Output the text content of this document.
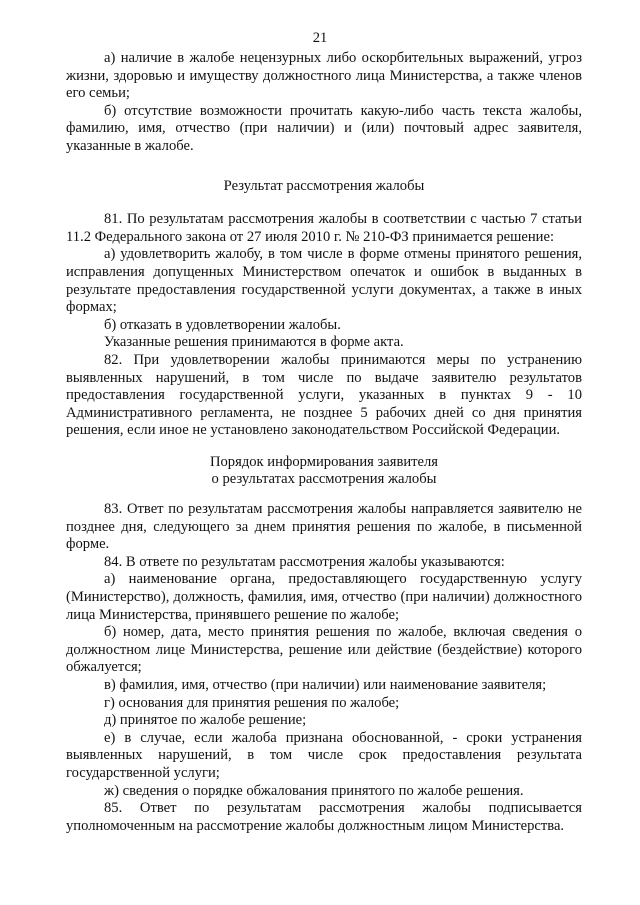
21

а) наличие в жалобе нецензурных либо оскорбительных выражений, угроз жизни, здоровью и имуществу должностного лица Министерства, а также членов его семьи;

б) отсутствие возможности прочитать какую-либо часть текста жалобы, фамилию, имя, отчество (при наличии) и (или) почтовый адрес заявителя, указанные в жалобе.

Результат рассмотрения жалобы

81. По результатам рассмотрения жалобы в соответствии с частью 7 статьи 11.2 Федерального закона от 27 июля 2010 г. № 210-ФЗ принимается решение:

а) удовлетворить жалобу, в том числе в форме отмены принятого решения, исправления допущенных Министерством опечаток и ошибок в выданных в результате предоставления государственной услуги документах, а также в иных формах;

б) отказать в удовлетворении жалобы.

Указанные решения принимаются в форме акта.

82. При удовлетворении жалобы принимаются меры по устранению выявленных нарушений, в том числе по выдаче заявителю результатов предоставления государственной услуги, указанных в пунктах 9 - 10 Административного регламента, не позднее 5 рабочих дней со дня принятия решения, если иное не установлено законодательством Российской Федерации.

Порядок информирования заявителя

о результатах рассмотрения жалобы

83. Ответ по результатам рассмотрения жалобы направляется заявителю не позднее дня, следующего за днем принятия решения по жалобе, в письменной форме.

84. В ответе по результатам рассмотрения жалобы указываются:

а) наименование органа, предоставляющего государственную услугу (Министерство), должность, фамилия, имя, отчество (при наличии) должностного лица Министерства, принявшего решение по жалобе;

б) номер, дата, место принятия решения по жалобе, включая сведения о должностном лице Министерства, решение или действие (бездействие) которого обжалуется;

в) фамилия, имя, отчество (при наличии) или наименование заявителя;

г) основания для принятия решения по жалобе;

д) принятое по жалобе решение;

е) в случае, если жалоба признана обоснованной, - сроки устранения выявленных нарушений, в том числе срок предоставления результата государственной услуги;

ж) сведения о порядке обжалования принятого по жалобе решения.

85. Ответ по результатам рассмотрения жалобы подписывается уполномоченным на рассмотрение жалобы должностным лицом Министерства.
